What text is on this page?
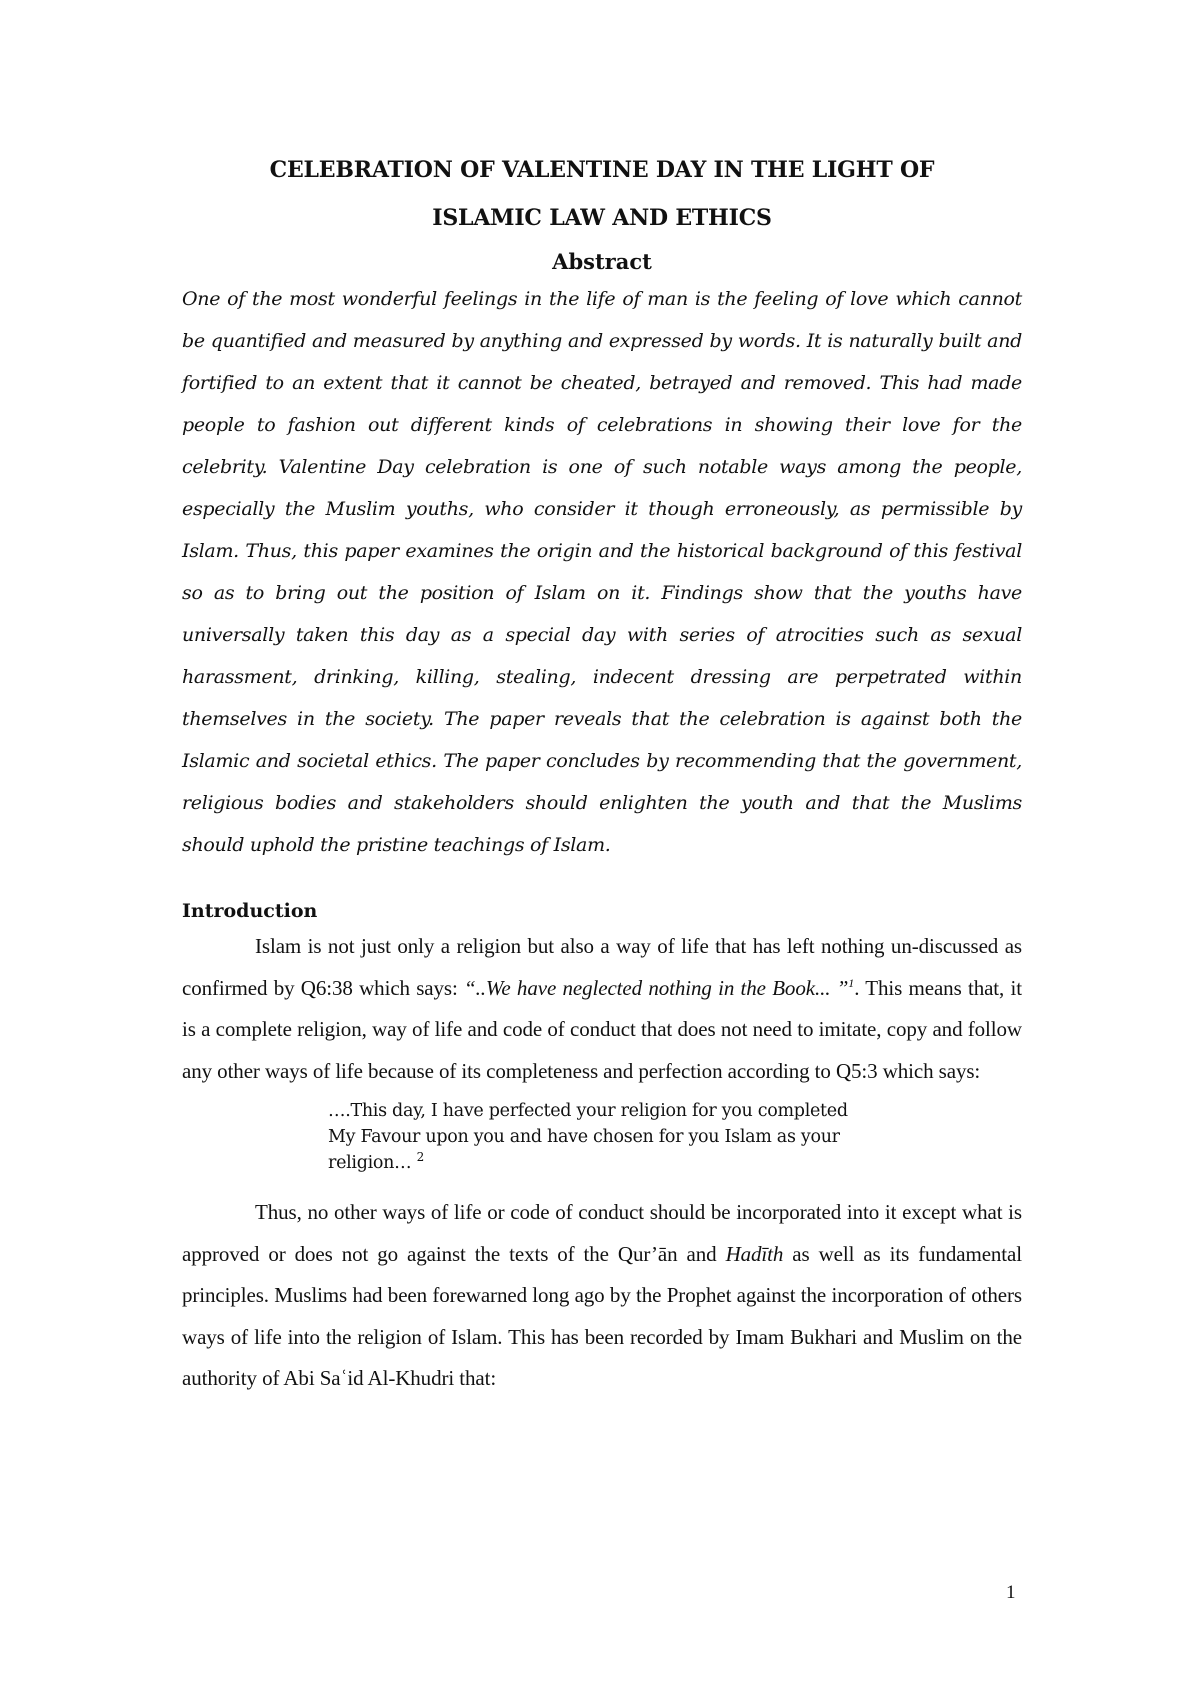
CELEBRATION OF VALENTINE DAY IN THE LIGHT OF

ISLAMIC LAW AND ETHICS

Abstract

One of the most wonderful feelings in the life of man is the feeling of love which cannot be quantified and measured by anything and expressed by words. It is naturally built and fortified to an extent that it cannot be cheated, betrayed and removed. This had made people to fashion out different kinds of celebrations in showing their love for the celebrity. Valentine Day celebration is one of such notable ways among the people, especially the Muslim youths, who consider it though erroneously, as permissible by Islam. Thus, this paper examines the origin and the historical background of this festival so as to bring out the position of Islam on it. Findings show that the youths have universally taken this day as a special day with series of atrocities such as sexual harassment, drinking, killing, stealing, indecent dressing are perpetrated within themselves in the society. The paper reveals that the celebration is against both the Islamic and societal ethics. The paper concludes by recommending that the government, religious bodies and stakeholders should enlighten the youth and that the Muslims should uphold the pristine teachings of Islam.

Introduction

Islam is not just only a religion but also a way of life that has left nothing un-discussed as confirmed by Q6:38 which says: “..We have neglected nothing in the Book... ”$^1$. This means that, it is a complete religion, way of life and code of conduct that does not need to imitate, copy and follow any other ways of life because of its completeness and perfection according to Q5:3 which says:

….This day, I have perfected your religion for you completed
My Favour upon you and have chosen for you Islam as your
religion… $^2$

Thus, no other ways of life or code of conduct should be incorporated into it except what is approved or does not go against the texts of the Qur’ān and Hadīth as well as its fundamental principles. Muslims had been forewarned long ago by the Prophet against the incorporation of others ways of life into the religion of Islam. This has been recorded by Imam Bukhari and Muslim on the authority of Abi Saʿid Al-Khudri that:

1
